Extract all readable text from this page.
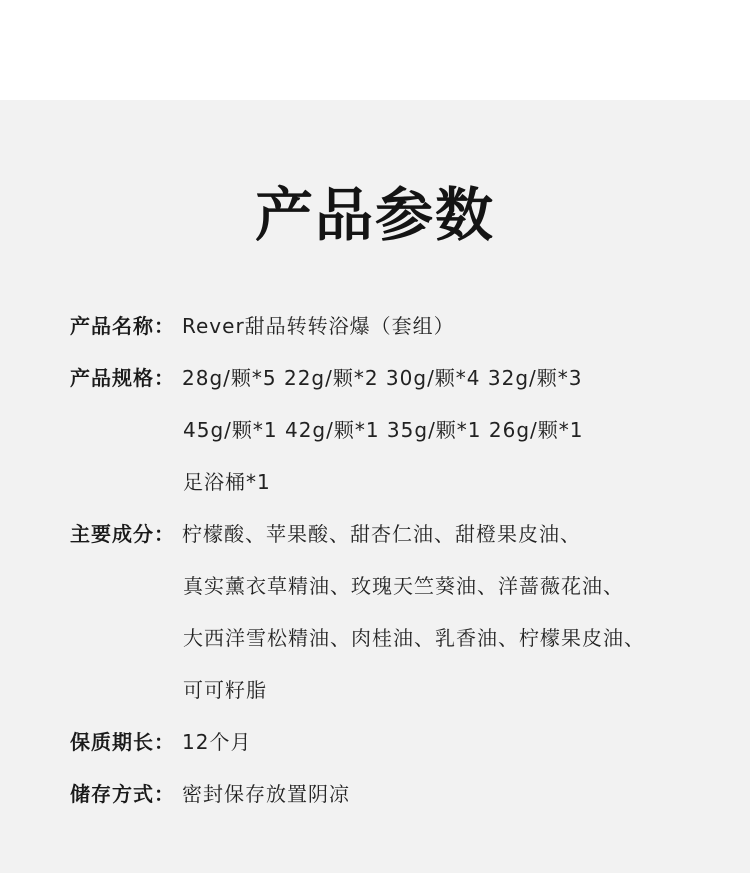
产品参数
产品名称： Rever甜品转转浴爆（套组）
产品规格： 28g/颗*5 22g/颗*2 30g/颗*4 32g/颗*3
45g/颗*1 42g/颗*1 35g/颗*1 26g/颗*1
足浴桶*1
主要成分： 柠檬酸、苹果酸、甜杏仁油、甜橙果皮油、
真实薰衣草精油、玫瑰天竺葵油、洋蔷薇花油、
大西洋雪松精油、肉桂油、乳香油、柠檬果皮油、
可可籽脂
保质期长： 12个月
储存方式： 密封保存放置阴凉
